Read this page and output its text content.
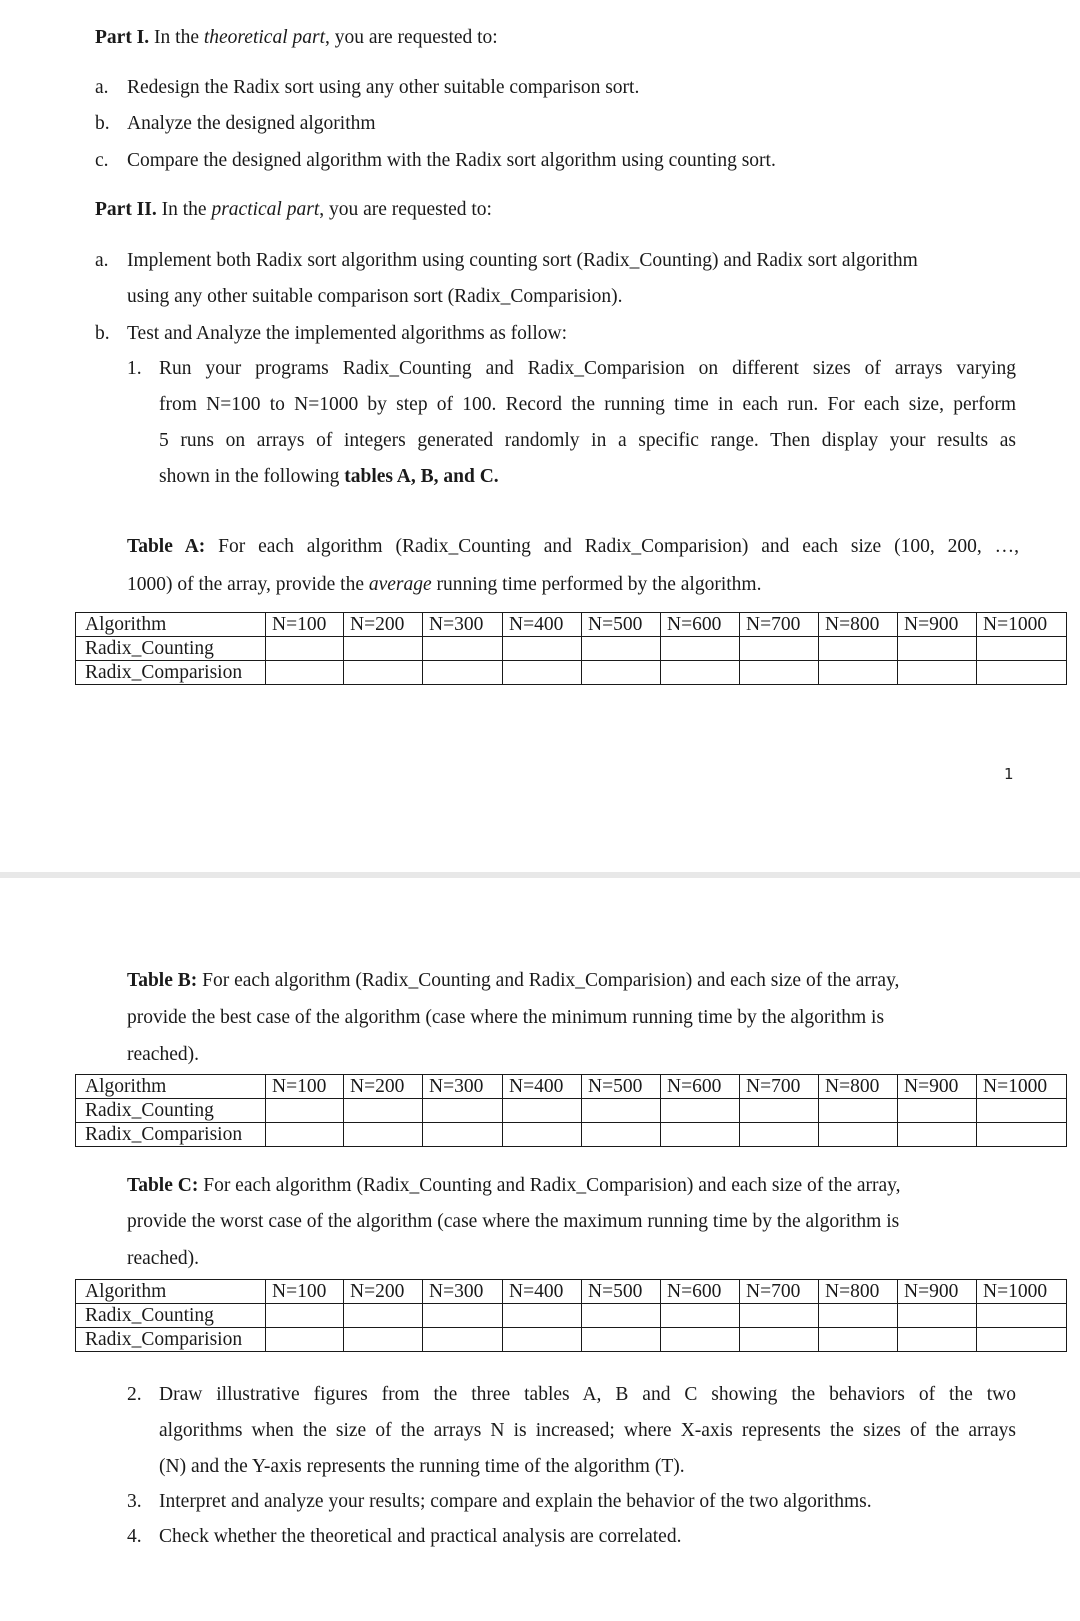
Part I. In the theoretical part, you are requested to:
a. Redesign the Radix sort using any other suitable comparison sort.
b. Analyze the designed algorithm
c. Compare the designed algorithm with the Radix sort algorithm using counting sort.
Part II. In the practical part, you are requested to:
a. Implement both Radix sort algorithm using counting sort (Radix_Counting) and Radix sort algorithm
using any other suitable comparison sort (Radix_Comparision).
b. Test and Analyze the implemented algorithms as follow:
1. Run your programs Radix_Counting and Radix_Comparision on different sizes of arrays varying
from N=100 to N=1000 by step of 100. Record the running time in each run. For each size, perform
5 runs on arrays of integers generated randomly in a specific range. Then display your results as
shown in the following tables A, B, and C.
Table A: For each algorithm (Radix_Counting and Radix_Comparision) and each size (100, 200, …,
1000) of the array, provide the average running time performed by the algorithm.
Algorithm	N=100	N=200	N=300	N=400	N=500	N=600	N=700	N=800	N=900	N=1000
Radix_Counting										
Radix_Comparision										
1
Table B: For each algorithm (Radix_Counting and Radix_Comparision) and each size of the array,
provide the best case of the algorithm (case where the minimum running time by the algorithm is
reached).
Algorithm	N=100	N=200	N=300	N=400	N=500	N=600	N=700	N=800	N=900	N=1000
Radix_Counting										
Radix_Comparision										
Table C: For each algorithm (Radix_Counting and Radix_Comparision) and each size of the array,
provide the worst case of the algorithm (case where the maximum running time by the algorithm is
reached).
Algorithm	N=100	N=200	N=300	N=400	N=500	N=600	N=700	N=800	N=900	N=1000
Radix_Counting										
Radix_Comparision										
2. Draw illustrative figures from the three tables A, B and C showing the behaviors of the two
algorithms when the size of the arrays N is increased; where X-axis represents the sizes of the arrays
(N) and the Y-axis represents the running time of the algorithm (T).
3. Interpret and analyze your results; compare and explain the behavior of the two algorithms.
4. Check whether the theoretical and practical analysis are correlated.
